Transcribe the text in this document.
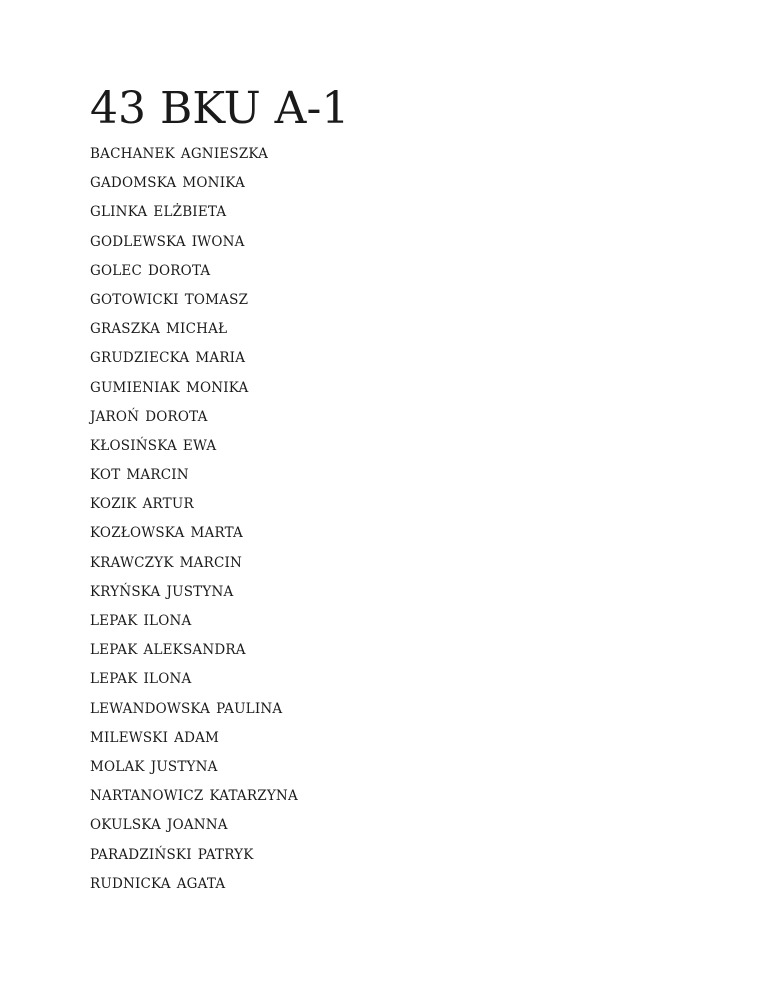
43 BKU A-1
BACHANEK AGNIESZKA
GADOMSKA MONIKA
GLINKA ELŻBIETA
GODLEWSKA IWONA
GOLEC DOROTA
GOTOWICKI TOMASZ
GRASZKA MICHAŁ
GRUDZIECKA MARIA
GUMIENIAK MONIKA
JAROŃ DOROTA
KŁOSIŃSKA EWA
KOT MARCIN
KOZIK ARTUR
KOZŁOWSKA MARTA
KRAWCZYK MARCIN
KRYŃSKA JUSTYNA
LEPAK ILONA
LEPAK ALEKSANDRA
LEPAK ILONA
LEWANDOWSKA PAULINA
MILEWSKI ADAM
MOLAK JUSTYNA
NARTANOWICZ KATARZYNA
OKULSKA JOANNA
PARADZIŃSKI PATRYK
RUDNICKA AGATA
